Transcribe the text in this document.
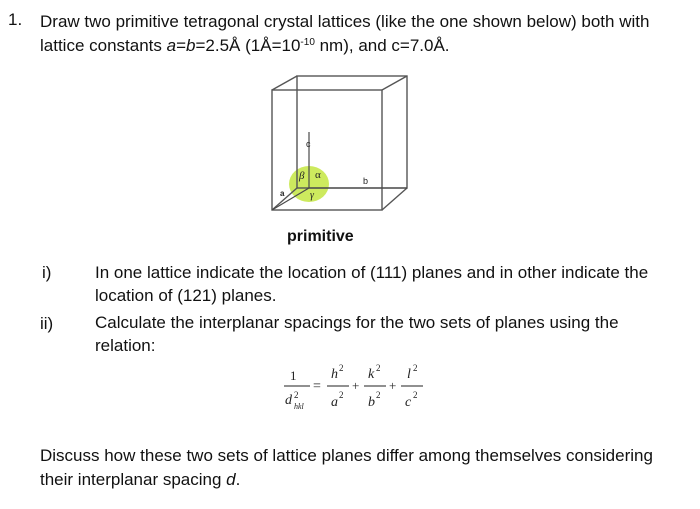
1. Draw two primitive tetragonal crystal lattices (like the one shown below) both with
lattice constants a=b=2.5Å ($1Å=10^{-10}$ nm), and c=7.0Å.
c
β α
γ
b
a
primitive
i)	In one lattice indicate the location of (111) planes and in other indicate the
location of (121) planes.
ii) Calculate the interplanar spacings for the two sets of planes using the
relation:
1
d 2
hkl
=
h 2
a 2
+
k 2
b 2
+
l 2
c 2
Discuss how these two sets of lattice planes differ among themselves considering
their interplanar spacing d.
